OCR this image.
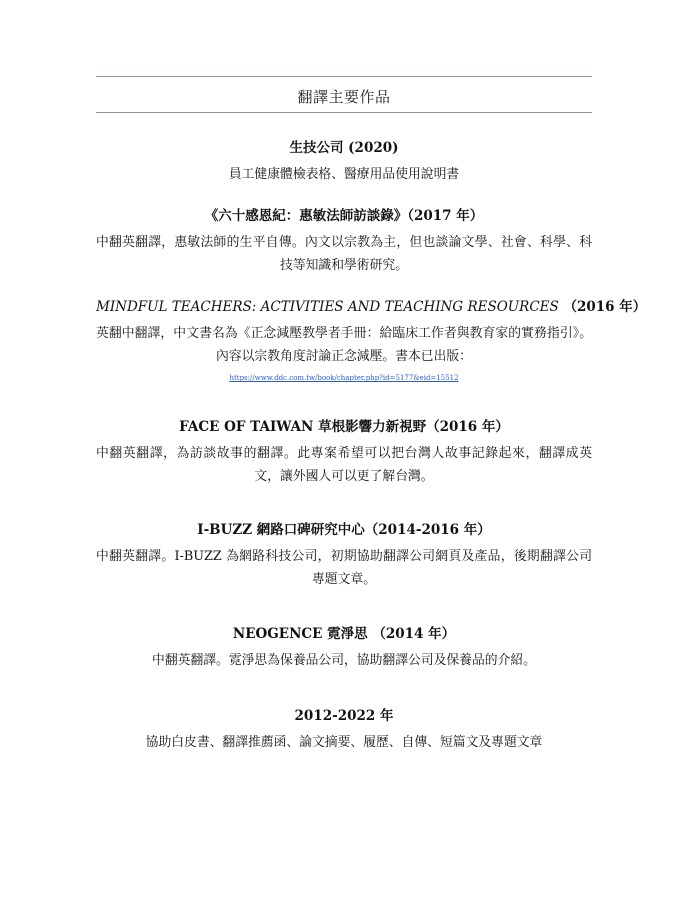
翻譯主要作品
生技公司 (2020)
員工健康體檢表格、醫療用品使用說明書
《六十感恩紀：惠敏法師訪談錄》（2017 年）
中翻英翻譯，惠敏法師的生平自傳。內文以宗教為主，但也談論文學、社會、科學、科技等知識和學術研究。
MINDFUL TEACHERS: ACTIVITIES AND TEACHING RESOURCES （2016 年）
英翻中翻譯，中文書名為《正念減壓教學者手冊：給臨床工作者與教育家的實務指引》。內容以宗教角度討論正念減壓。書本已出版：
https://www.ddc.com.tw/book/chapter.php?id=5177&eid=15512
FACE OF TAIWAN 草根影響力新視野（2016 年）
中翻英翻譯，為訪談故事的翻譯。此專案希望可以把台灣人故事記錄起來，翻譯成英文，讓外國人可以更了解台灣。
I-BUZZ 網路口碑研究中心（2014-2016 年）
中翻英翻譯。I-BUZZ 為網路科技公司，初期協助翻譯公司網頁及產品，後期翻譯公司專題文章。
NEOGENCE 霓淨思 （2014 年）
中翻英翻譯。霓淨思為保養品公司，協助翻譯公司及保養品的介紹。
2012-2022 年
協助白皮書、翻譯推薦函、論文摘要、履歷、自傳、短篇文及專題文章
